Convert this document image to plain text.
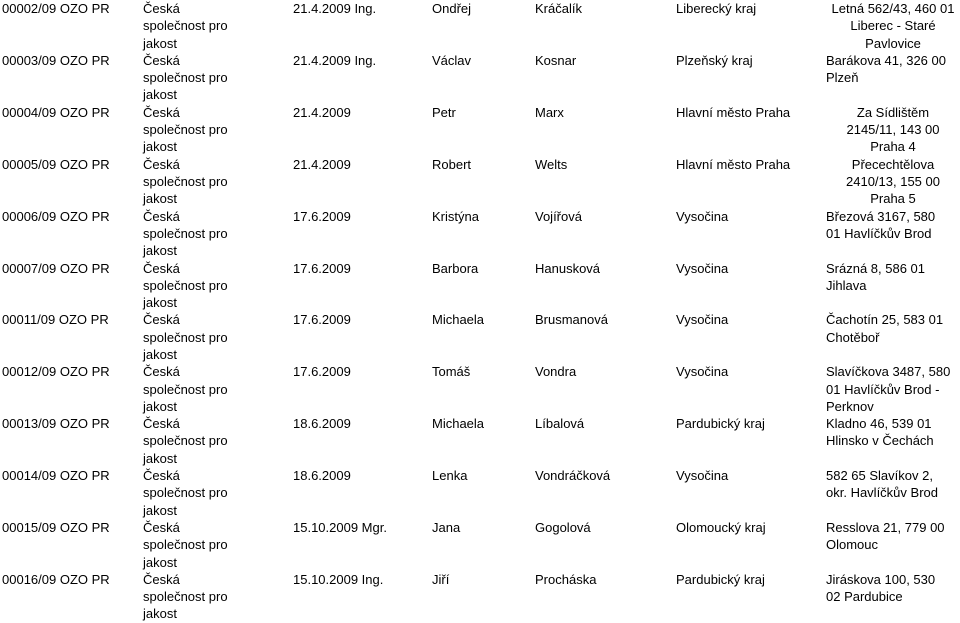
00002/09 OZO PR	Česká
společnost pro
jakost
21.4.2009 Ing.	Ondřej	Kráčalík	Liberecký kraj	Letná 562/43, 460 01
Liberec - Staré
Pavlovice
00003/09 OZO PR	Česká
společnost pro
jakost
21.4.2009 Ing.	Václav	Kosnar	Plzeňský kraj	Barákova 41, 326 00
Plzeň
00004/09 OZO PR	Česká
společnost pro
jakost
21.4.2009	Petr	Marx	Hlavní město Praha	Za Sídlištěm
2145/11, 143 00
Praha 4
00005/09 OZO PR	Česká
společnost pro
jakost
21.4.2009	Robert	Welts	Hlavní město Praha	Přecechtělova
2410/13, 155 00
Praha 5
00006/09 OZO PR	Česká
společnost pro
jakost
17.6.2009	Kristýna	Vojířová	Vysočina	Březová 3167, 580
01 Havlíčkův Brod
00007/09 OZO PR	Česká
společnost pro
jakost
17.6.2009	Barbora	Hanusková	Vysočina	Srázná 8, 586 01
Jihlava
00011/09 OZO PR	Česká
společnost pro
jakost
17.6.2009	Michaela	Brusmanová	Vysočina	Čachotín 25, 583 01
Chotěboř
00012/09 OZO PR	Česká
společnost pro
jakost
17.6.2009	Tomáš	Vondra	Vysočina	Slavíčkova 3487, 580
01 Havlíčkův Brod -
Perknov
00013/09 OZO PR	Česká
společnost pro
jakost
18.6.2009	Michaela	Líbalová	Pardubický kraj	Kladno 46, 539 01
Hlinsko v Čechách
00014/09 OZO PR	Česká
společnost pro
jakost
18.6.2009	Lenka	Vondráčková	Vysočina	582 65 Slavíkov 2,
okr. Havlíčkův Brod
00015/09 OZO PR	Česká
společnost pro
jakost
15.10.2009 Mgr.	Jana	Gogolová	Olomoucký kraj	Resslova 21, 779 00
Olomouc
00016/09 OZO PR	Česká
společnost pro
jakost
15.10.2009 Ing.	Jiří	Procháska	Pardubický kraj	Jiráskova 100, 530
02 Pardubice
